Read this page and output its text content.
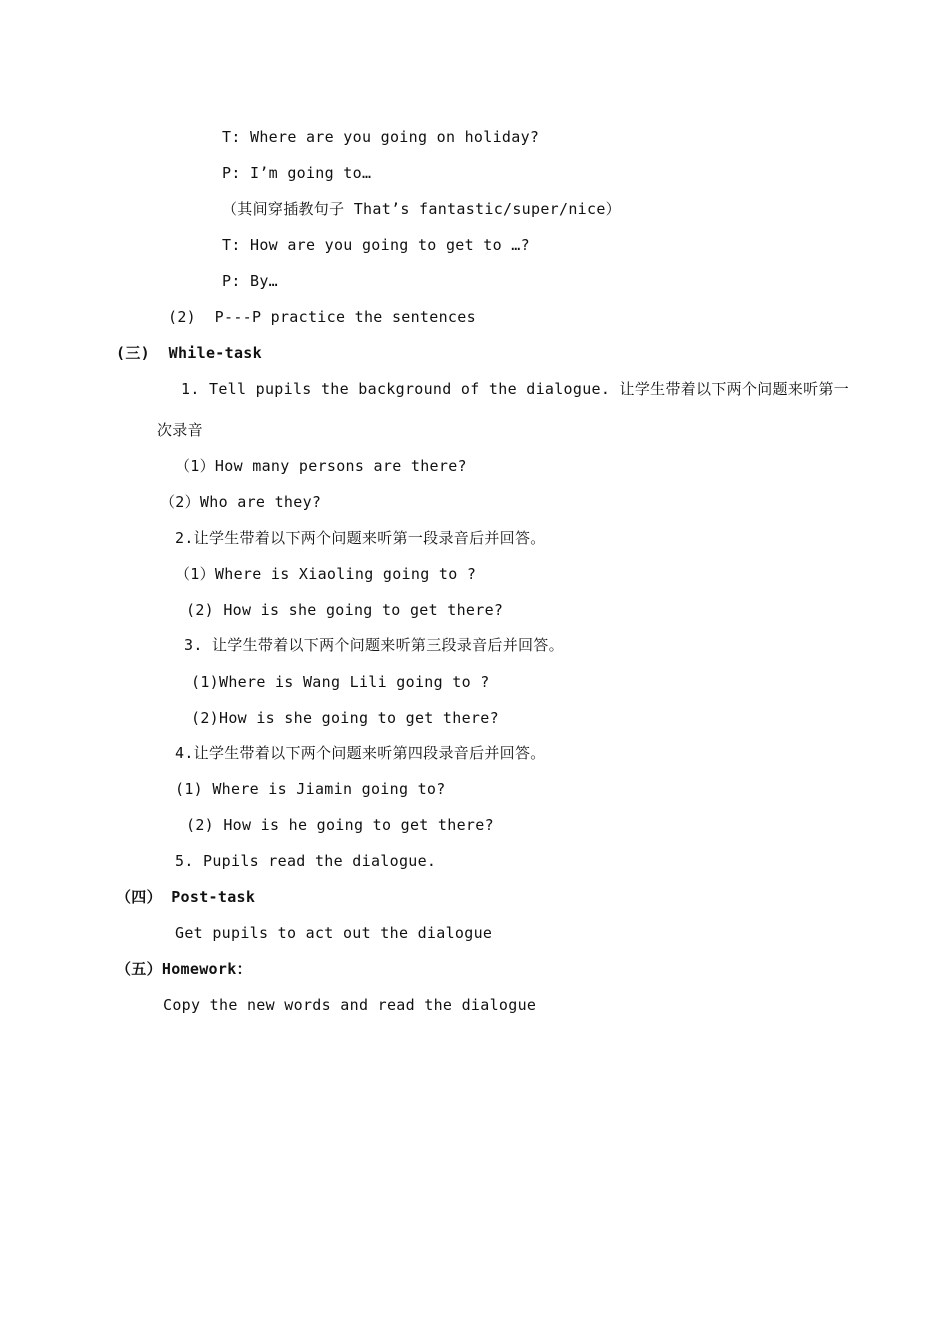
T: Where are you going on holiday?
P: I’m going to…
（其间穿插教句子 That’s fantastic/super/nice）
T: How are you going to get to …?
P: By…
(2)  P---P practice the sentences
(三)  While-task
1. Tell pupils the background of the dialogue. 让学生带着以下两个问题来听第一
次录音
（1）How many persons are there?
（2）Who are they?
2.让学生带着以下两个问题来听第一段录音后并回答。
（1）Where is Xiaoling going to ?
(2) How is she going to get there?
3. 让学生带着以下两个问题来听第三段录音后并回答。
(1)Where is Wang Lili going to ?
(2)How is she going to get there?
4.让学生带着以下两个问题来听第四段录音后并回答。
(1) Where is Jiamin going to?
(2) How is he going to get there?
5. Pupils read the dialogue.
（四） Post-task
Get pupils to act out the dialogue
（五）Homework：
Copy the new words and read the dialogue
